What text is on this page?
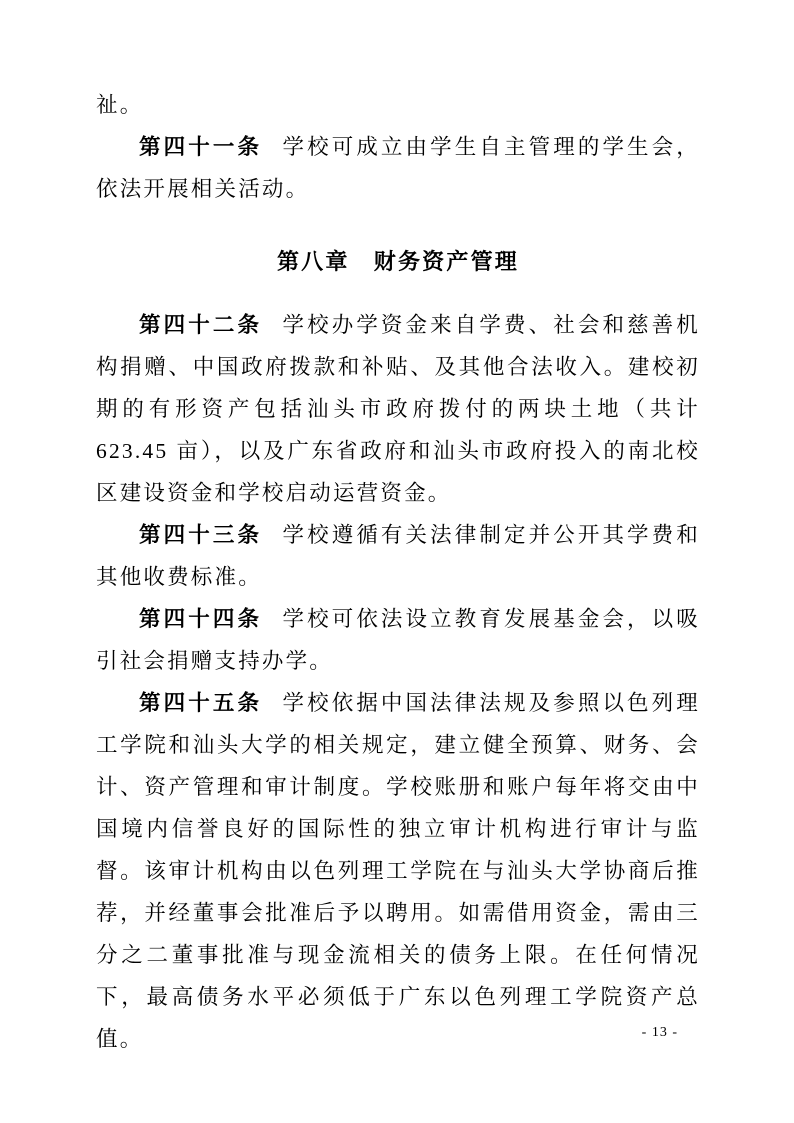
祉。

第四十一条 学校可成立由学生自主管理的学生会，依法开展相关活动。

第八章　财务资产管理

第四十二条 学校办学资金来自学费、社会和慈善机构捐赠、中国政府拨款和补贴、及其他合法收入。建校初期的有形资产包括汕头市政府拨付的两块土地（共计 623.45 亩），以及广东省政府和汕头市政府投入的南北校区建设资金和学校启动运营资金。

第四十三条 学校遵循有关法律制定并公开其学费和其他收费标准。

第四十四条 学校可依法设立教育发展基金会，以吸引社会捐赠支持办学。

第四十五条 学校依据中国法律法规及参照以色列理工学院和汕头大学的相关规定，建立健全预算、财务、会计、资产管理和审计制度。学校账册和账户每年将交由中国境内信誉良好的国际性的独立审计机构进行审计与监督。该审计机构由以色列理工学院在与汕头大学协商后推荐，并经董事会批准后予以聘用。如需借用资金，需由三分之二董事批准与现金流相关的债务上限。在任何情况下，最高债务水平必须低于广东以色列理工学院资产总值。	- 13 -
